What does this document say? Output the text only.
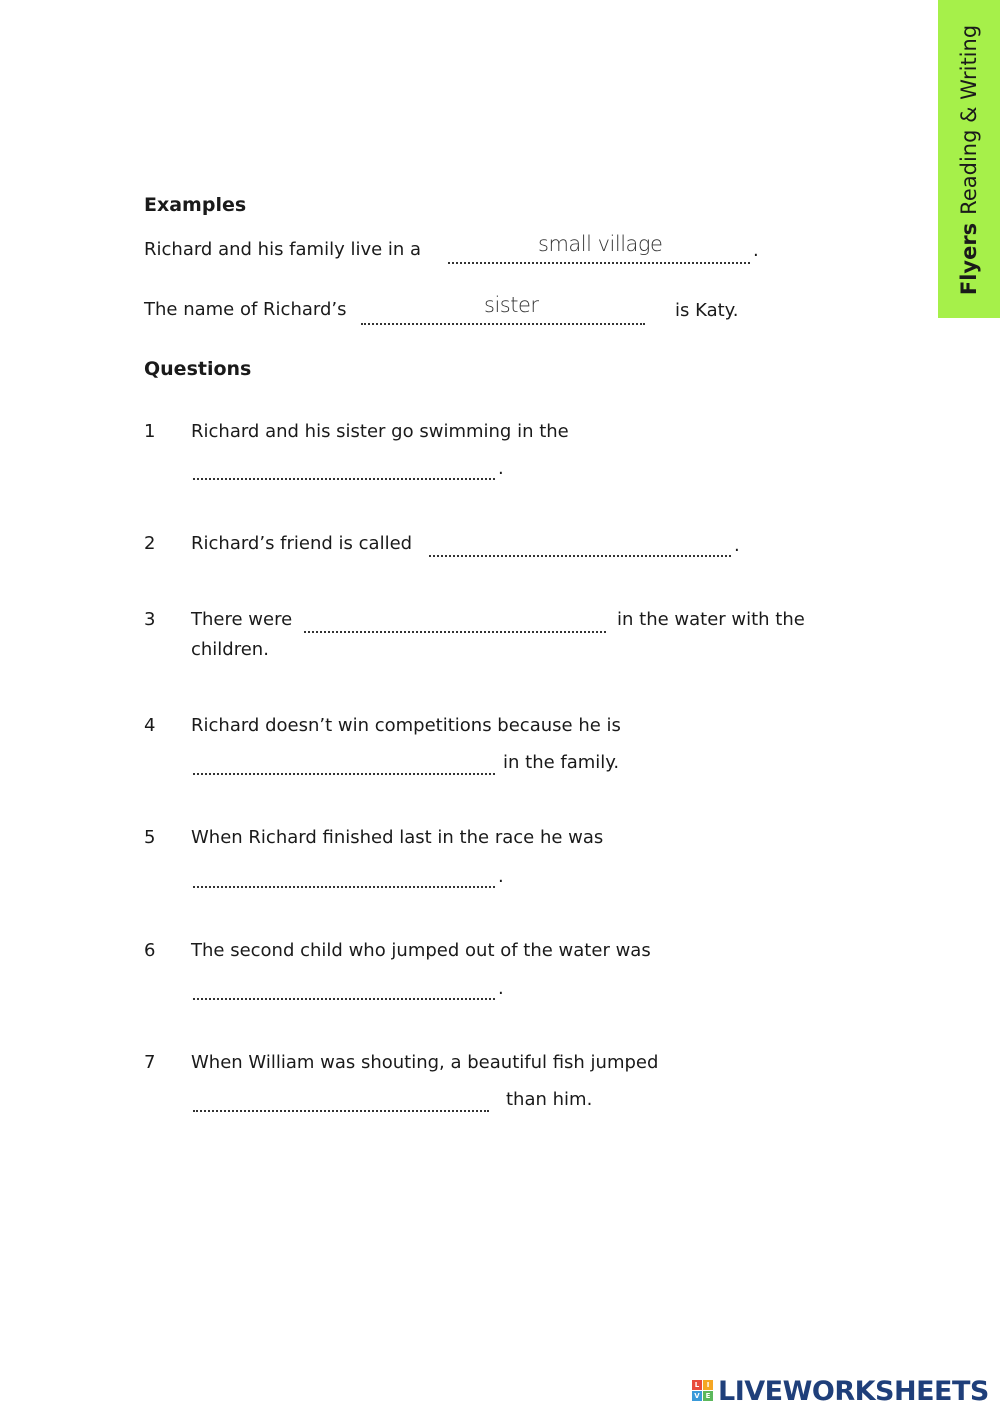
FlyersReading & Writing
Examples
Richard and his family live in a	small village	.
The name of Richard’s	sister	is Katy.
Questions
1 Richard and his sister go swimming in the
.
2 Richard’s friend is called	.
3 There were	in the water with the
children.
4 Richard doesn’t win competitions because he is
in the family.
5 When Richard finished last in the race he was
.
6 The second child who jumped out of the water was
.
7 When William was shouting, a beautiful fish jumped
than him.
L	I
V E LIVEWORKSHEETS
